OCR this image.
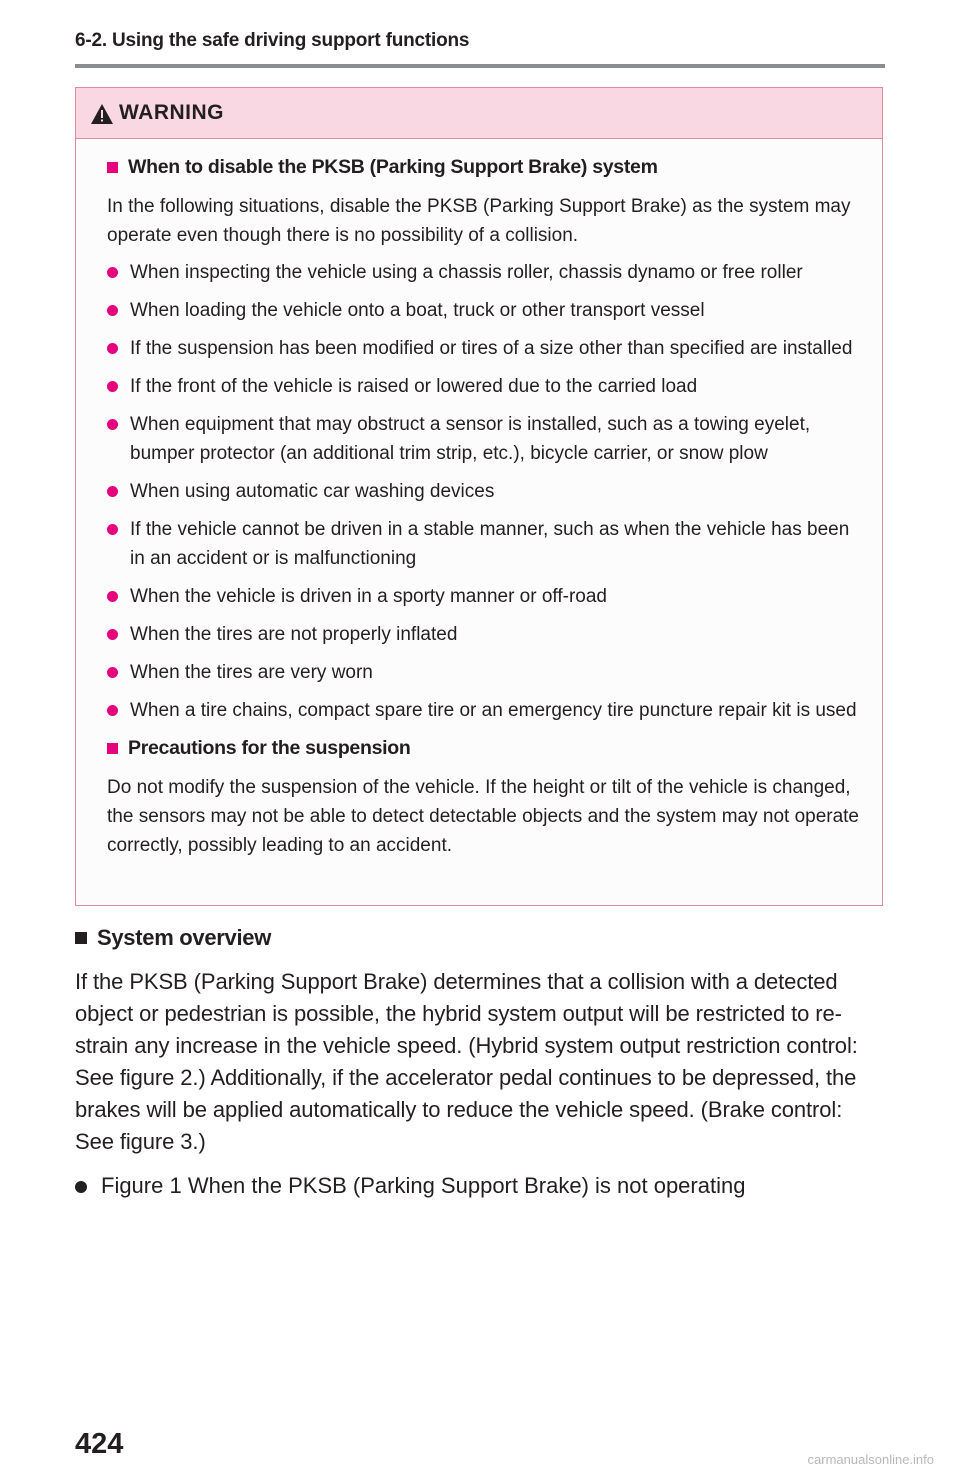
6-2. Using the safe driving support functions
WARNING
When to disable the PKSB (Parking Support Brake) system
In the following situations, disable the PKSB (Parking Support Brake) as the system may operate even though there is no possibility of a collision.
When inspecting the vehicle using a chassis roller, chassis dynamo or free roller
When loading the vehicle onto a boat, truck or other transport vessel
If the suspension has been modified or tires of a size other than specified are installed
If the front of the vehicle is raised or lowered due to the carried load
When equipment that may obstruct a sensor is installed, such as a towing eyelet, bumper protector (an additional trim strip, etc.), bicycle carrier, or snow plow
When using automatic car washing devices
If the vehicle cannot be driven in a stable manner, such as when the vehicle has been in an accident or is malfunctioning
When the vehicle is driven in a sporty manner or off-road
When the tires are not properly inflated
When the tires are very worn
When a tire chains, compact spare tire or an emergency tire puncture repair kit is used
Precautions for the suspension
Do not modify the suspension of the vehicle. If the height or tilt of the vehicle is changed, the sensors may not be able to detect detectable objects and the system may not operate correctly, possibly leading to an accident.
System overview
If the PKSB (Parking Support Brake) determines that a collision with a detected object or pedestrian is possible, the hybrid system output will be restricted to re-strain any increase in the vehicle speed. (Hybrid system output restriction control: See figure 2.) Additionally, if the accelerator pedal continues to be depressed, the brakes will be applied automatically to reduce the vehicle speed. (Brake control: See figure 3.)
Figure 1 When the PKSB (Parking Support Brake) is not operating
424	carmanualsonline.info
